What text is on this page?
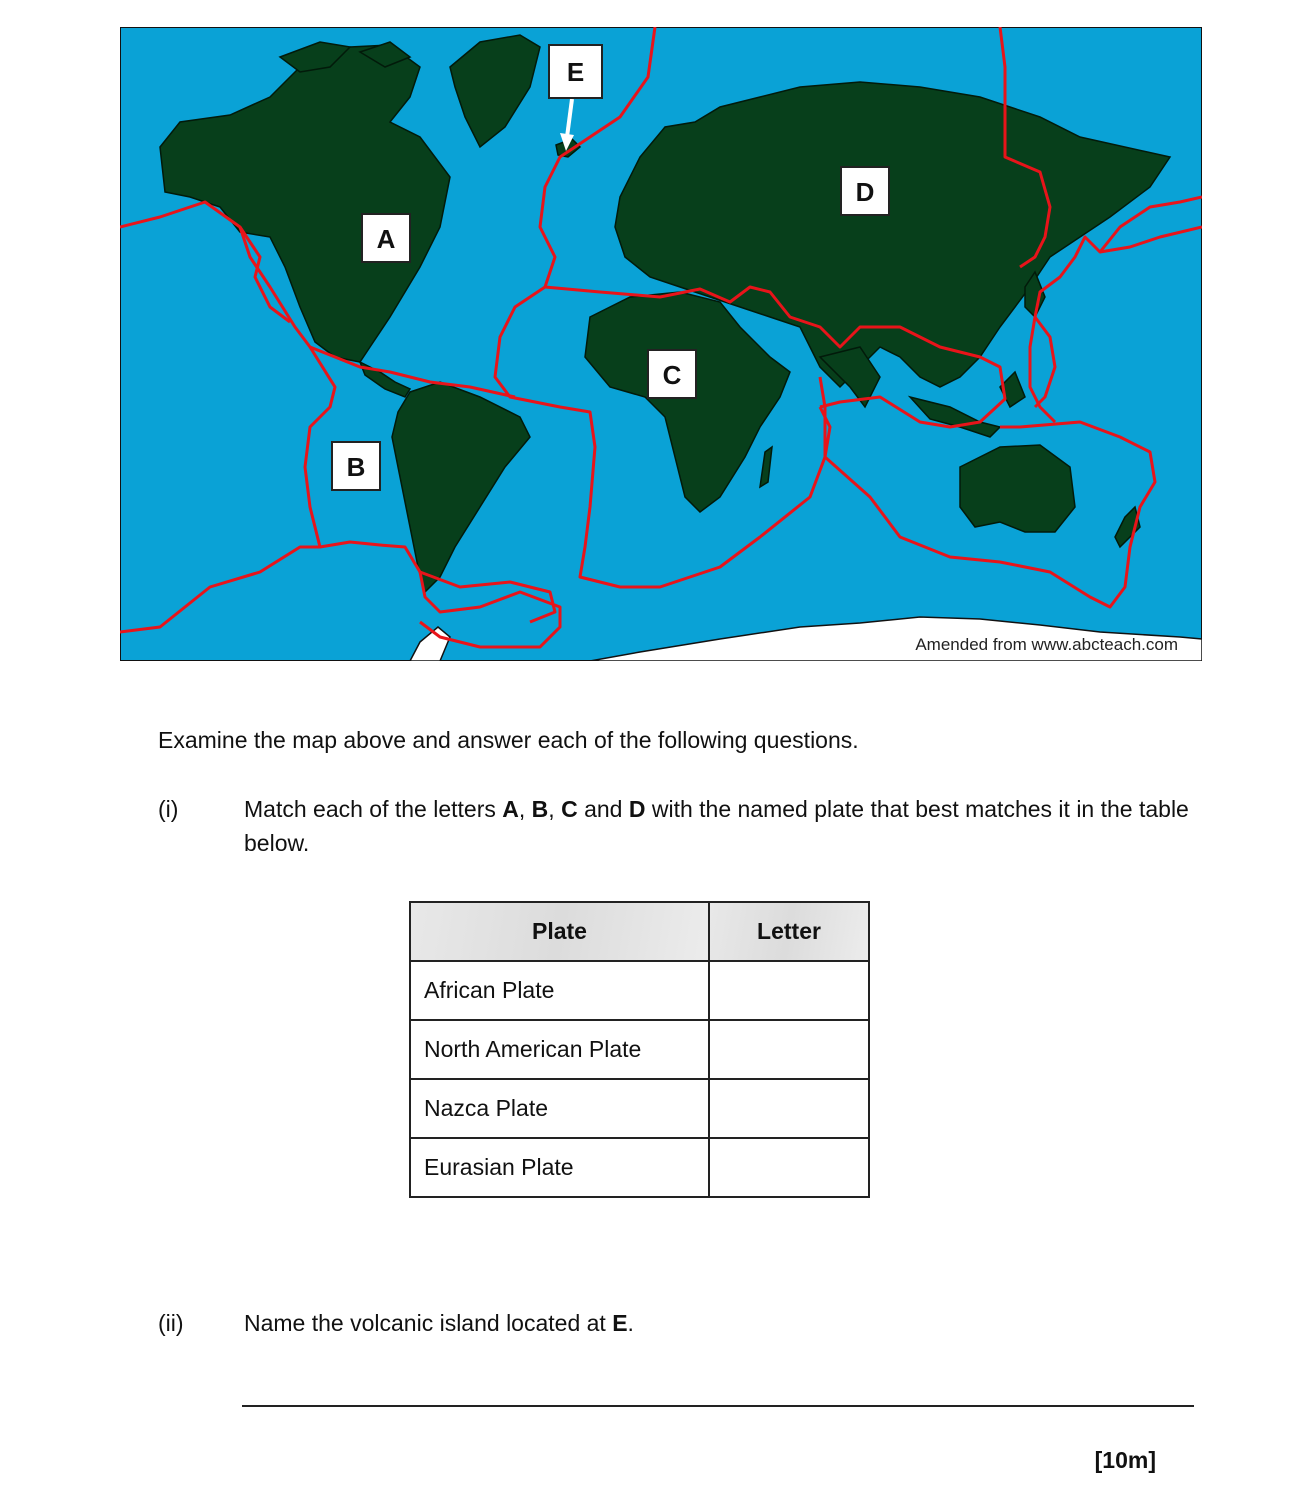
A
B
C
D
E
Amended from www.abcteach.com
Examine the map above and answer each of the following questions.
(i)	Match each of the letters A, B, C and D with the named plate that best matches it in the table below.
Plate	Letter
African Plate	
North American Plate	
Nazca Plate	
Eurasian Plate	
(ii)	Name the volcanic island located at E.
[10m]
